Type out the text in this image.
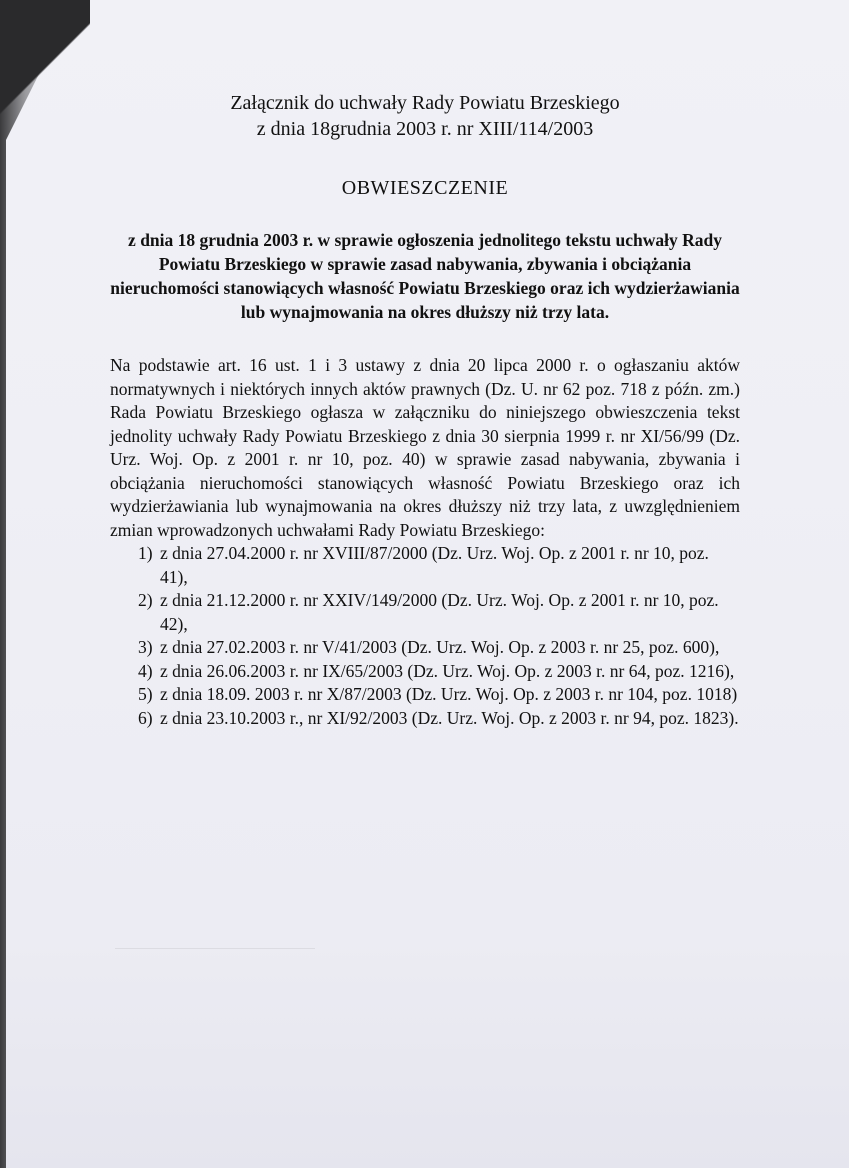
Załącznik do uchwały Rady Powiatu Brzeskiego
z dnia 18grudnia 2003 r. nr XIII/114/2003
OBWIESZCZENIE
z dnia 18 grudnia 2003 r. w sprawie ogłoszenia jednolitego tekstu uchwały Rady Powiatu Brzeskiego w sprawie zasad nabywania, zbywania i obciążania nieruchomości stanowiących własność Powiatu Brzeskiego oraz ich wydzierżawiania lub wynajmowania na okres dłuższy niż trzy lata.
Na podstawie art. 16 ust. 1 i 3 ustawy z dnia 20 lipca 2000 r. o ogłaszaniu aktów normatywnych i niektórych innych aktów prawnych (Dz. U. nr 62 poz. 718 z późn. zm.) Rada Powiatu Brzeskiego ogłasza w załączniku do niniejszego obwieszczenia tekst jednolity uchwały Rady Powiatu Brzeskiego z dnia 30 sierpnia 1999 r. nr XI/56/99 (Dz. Urz. Woj. Op. z 2001 r. nr 10, poz. 40) w sprawie zasad nabywania, zbywania i obciążania nieruchomości stanowiących własność Powiatu Brzeskiego oraz ich wydzierżawiania lub wynajmowania na okres dłuższy niż trzy lata, z uwzględnieniem zmian wprowadzonych uchwałami Rady Powiatu Brzeskiego:
1) z dnia 27.04.2000 r. nr XVIII/87/2000 (Dz. Urz. Woj. Op. z 2001 r. nr 10, poz. 41),
2) z dnia 21.12.2000 r. nr XXIV/149/2000 (Dz. Urz. Woj. Op. z 2001 r. nr 10, poz. 42),
3) z dnia 27.02.2003 r. nr V/41/2003 (Dz. Urz. Woj. Op. z 2003 r. nr 25, poz. 600),
4) z dnia 26.06.2003 r. nr IX/65/2003 (Dz. Urz. Woj. Op. z 2003 r. nr 64, poz. 1216),
5) z dnia 18.09. 2003 r. nr X/87/2003 (Dz. Urz. Woj. Op. z 2003 r. nr 104, poz. 1018)
6) z dnia 23.10.2003 r., nr XI/92/2003 (Dz. Urz. Woj. Op. z 2003 r. nr 94, poz. 1823).
